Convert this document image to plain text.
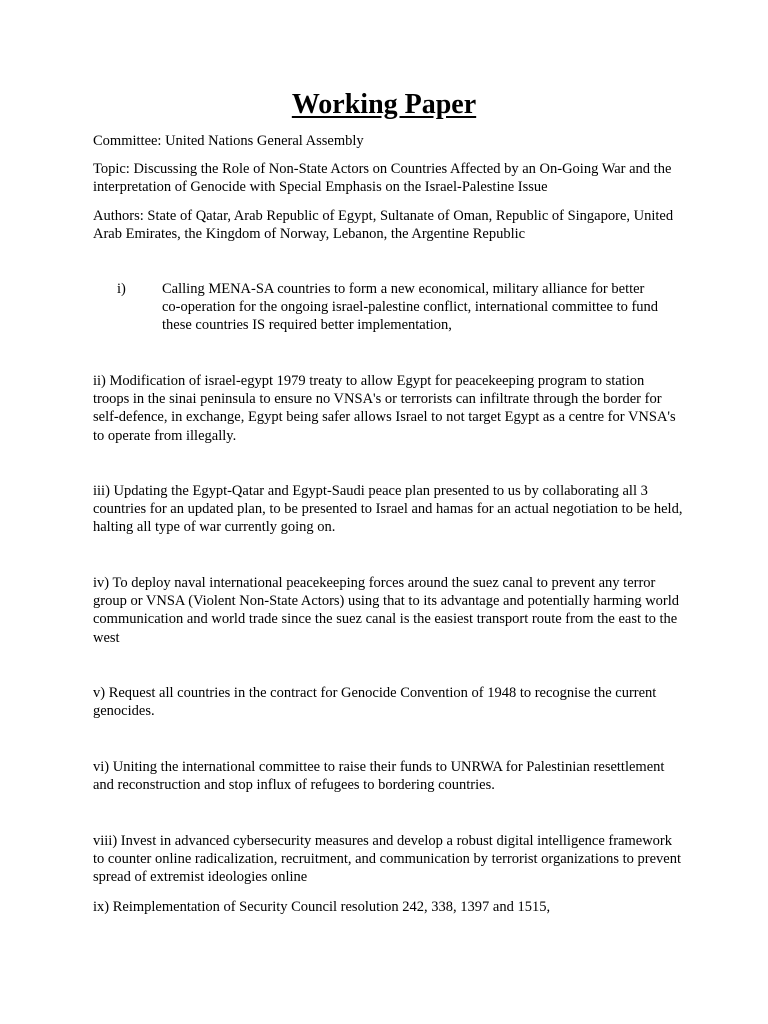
Working Paper

Committee: United Nations General Assembly

Topic: Discussing the Role of Non-State Actors on Countries Affected by an On-Going War and the interpretation of Genocide with Special Emphasis on the Israel-Palestine Issue

Authors: State of Qatar, Arab Republic of Egypt, Sultanate of Oman, Republic of Singapore, United Arab Emirates, the Kingdom of Norway, Lebanon, the Argentine Republic

i) Calling MENA-SA countries to form a new economical, military alliance for better co-operation for the ongoing israel-palestine conflict, international committee to fund these countries IS required better implementation,

ii) Modification of israel-egypt 1979 treaty to allow Egypt for peacekeeping program to station troops in the sinai peninsula to ensure no VNSA's or terrorists can infiltrate through the border for self-defence, in exchange, Egypt being safer allows Israel to not target Egypt as a centre for VNSA's to operate from illegally.

iii) Updating the Egypt-Qatar and Egypt-Saudi peace plan presented to us by collaborating all 3 countries for an updated plan, to be presented to Israel and hamas for an actual negotiation to be held, halting all type of war currently going on.

iv) To deploy naval international peacekeeping forces around the suez canal to prevent any terror group or VNSA (Violent Non-State Actors) using that to its advantage and potentially harming world communication and world trade since the suez canal is the easiest transport route from the east to the west

v) Request all countries in the contract for Genocide Convention of 1948 to recognise the current genocides.

vi) Uniting the international committee to raise their funds to UNRWA for Palestinian resettlement and reconstruction and stop influx of refugees to bordering countries.

viii) Invest in advanced cybersecurity measures and develop a robust digital intelligence framework to counter online radicalization, recruitment, and communication by terrorist organizations to prevent spread of extremist ideologies online

ix) Reimplementation of Security Council resolution 242, 338, 1397 and 1515,
